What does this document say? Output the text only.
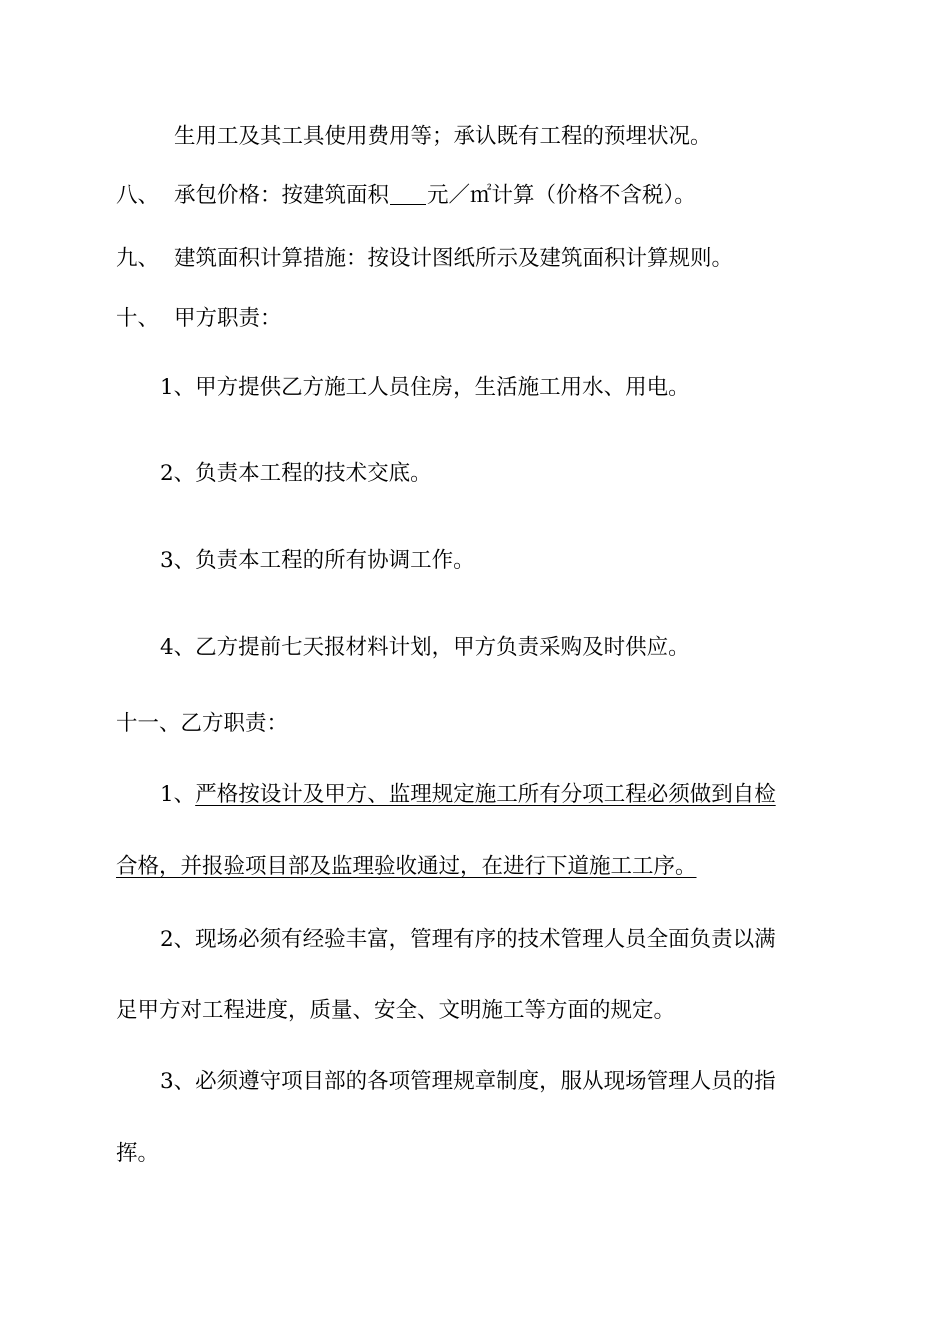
生用工及其工具使用费用等；承认既有工程的预埋状况。
八、 承包价格：按建筑面积 元／㎡计算（价格不含税）。
九、 建筑面积计算措施：按设计图纸所示及建筑面积计算规则。
十、 甲方职责：
1、甲方提供乙方施工人员住房，生活施工用水、用电。
2、负责本工程的技术交底。
3、负责本工程的所有协调工作。
4、乙方提前七天报材料计划，甲方负责采购及时供应。
十一、乙方职责：
1、严格按设计及甲方、监理规定施工所有分项工程必须做到自检
合格，并报验项目部及监理验收通过，在进行下道施工工序。
2、现场必须有经验丰富，管理有序的技术管理人员全面负责以满
足甲方对工程进度，质量、安全、文明施工等方面的规定。
3、必须遵守项目部的各项管理规章制度，服从现场管理人员的指
挥。
